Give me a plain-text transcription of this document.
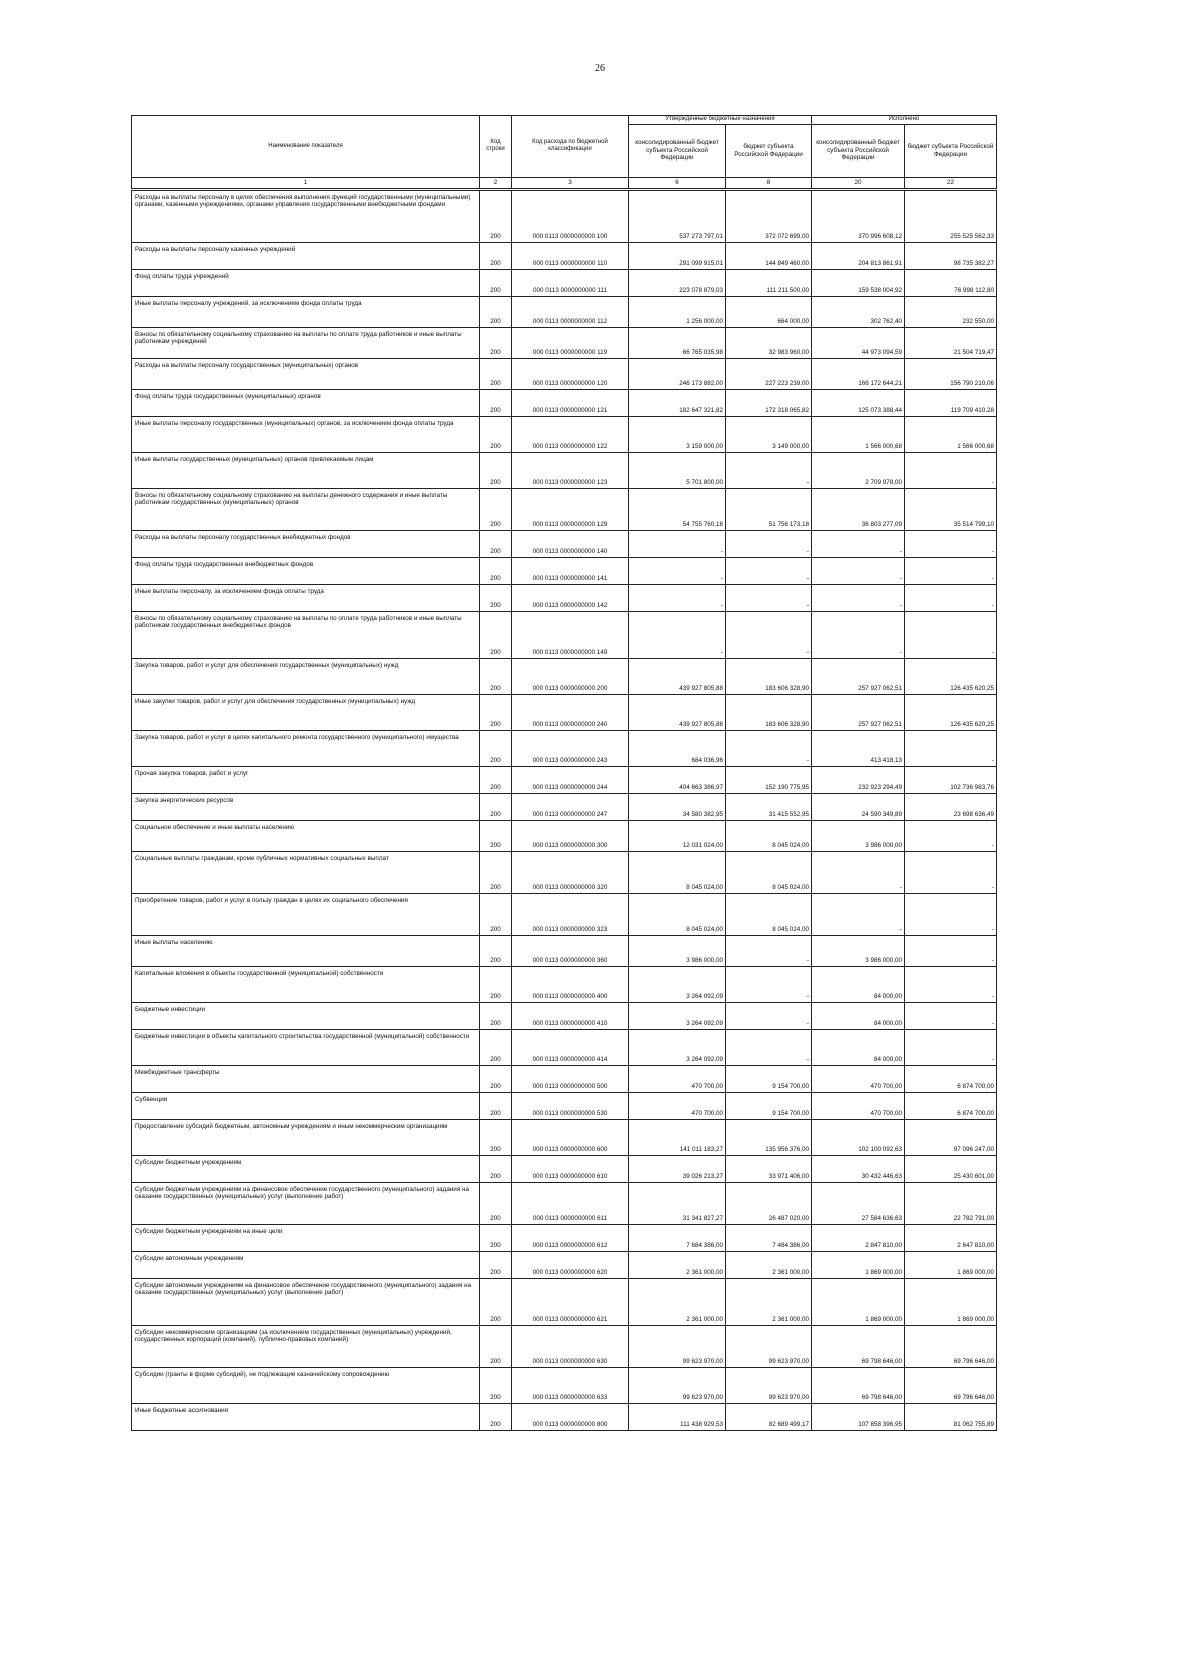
26
Наименование показателя	Код строки	Код расхода по бюджетной классификации	Утвержденные бюджетные назначения		Исполнено	
			консолидированный бюджет субъекта Российской Федерации	бюджет субъекта Российской Федерации	консолидированный бюджет субъекта Российской Федерации	бюджет субъекта Российской Федерации
1	2	3	6	8	20	22
Расходы на выплаты персоналу в целях обеспечения выполнения функций государственными (муниципальными) органами, казенными учреждениями, органами управления государственными внебюджетными фондами	200	000 0113 0000000000 100	537 273 797,01	372 072 699,00	370 996 608,12	255 525 562,33
Расходы на выплаты персоналу казенных учреждений	200	000 0113 0000000000 110	291 099 915,01	144 849 460,00	204 813 861,91	98 735 382,27
Фонд оплаты труда учреждений	200	000 0113 0000000000 111	223 078 879,03	111 211 500,00	159 538 004,92	76 998 112,80
Иные выплаты персоналу учреждений, за исключением фонда оплаты труда	200	000 0113 0000000000 112	1 256 000,00	664 000,00	302 762,40	232 550,00
Взносы по обязательному социальному страхованию на выплаты по оплате труда работников и иные выплаты работникам учреждений	200	000 0113 0000000000 119	66 765 035,98	32 983 960,00	44 973 094,59	21 504 719,47
Расходы на выплаты персоналу государственных (муниципальных) органов	200	000 0113 0000000000 120	246 173 882,00	227 223 239,00	166 172 644,21	156 790 210,06
Фонд оплаты труда государственных (муниципальных) органов	200	000 0113 0000000000 121	182 647 321,82	172 318 065,82	125 073 388,44	119 709 410,28
Иные выплаты персоналу государственных (муниципальных) органов, за исключением фонда оплаты труда	200	000 0113 0000000000 122	3 159 000,00	3 149 000,00	1 566 000,68	1 566 000,68
Иные выплаты государственных (муниципальных) органов привлекаемым лицам	200	000 0113 0000000000 123	5 701 800,00	-	2 709 978,00	-
Взносы по обязательному социальному страхованию на выплаты денежного содержания и иные выплаты работникам государственных (муниципальных) органов	200	000 0113 0000000000 129	54 755 760,18	51 756 173,18	36 803 277,09	35 514 799,10
Расходы на выплаты персоналу государственных внебюджетных фондов	200	000 0113 0000000000 140	-	-	-	-
Фонд оплаты труда государственных внебюджетных фондов	200	000 0113 0000000000 141	-	-	-	-
Иные выплаты персоналу, за исключением фонда оплаты труда	200	000 0113 0000000000 142	-	-	-	-
Взносы по обязательному социальному страхованию на выплаты по оплате труда работников и иные выплаты работникам государственных внебюджетных фондов	200	000 0113 0000000000 149	-	-	-	-
Закупка товаров, работ и услуг для обеспечения государственных (муниципальных) нужд	200	000 0113 0000000000 200	439 927 805,88	183 606 328,90	257 927 062,51	126 435 620,25
Иные закупки товаров, работ и услуг для обеспечения государственных (муниципальных) нужд	200	000 0113 0000000000 240	439 927 805,88	183 606 328,90	257 927 062,51	126 435 620,25
Закупка товаров, работ и услуг в целях капитального ремонта государственного (муниципального) имущества	200	000 0113 0000000000 243	684 036,96	-	413 418,13	-
Прочая закупка товаров, работ и услуг	200	000 0113 0000000000 244	404 663 386,97	152 190 775,95	232 923 294,49	102 736 983,76
Закупка энергетических ресурсов	200	000 0113 0000000000 247	34 580 382,95	31 415 552,95	24 590 349,89	23 698 636,49
Социальное обеспечение и иные выплаты населению	200	000 0113 0000000000 300	12 031 024,00	8 045 024,00	3 986 000,00	-
Социальные выплаты гражданам, кроме публичных нормативных социальных выплат	200	000 0113 0000000000 320	8 045 024,00	8 045 024,00	-	-
Приобретение товаров, работ и услуг в пользу граждан в целях их социального обеспечения	200	000 0113 0000000000 323	8 045 024,00	8 045 024,00	-	-
Иные выплаты населению	200	000 0113 0000000000 360	3 986 000,00	-	3 986 000,00	-
Капитальные вложения в объекты государственной (муниципальной) собственности	200	000 0113 0000000000 400	3 264 092,09	-	84 000,00	-
Бюджетные инвестиции	200	000 0113 0000000000 410	3 264 092,09	-	84 000,00	-
Бюджетные инвестиции в объекты капитального строительства государственной (муниципальной) собственности	200	000 0113 0000000000 414	3 264 092,09	-	84 000,00	-
Межбюджетные трансферты	200	000 0113 0000000000 500	470 700,00	9 154 700,00	470 700,00	6 874 700,00
Субвенции	200	000 0113 0000000000 530	470 700,00	9 154 700,00	470 700,00	6 874 700,00
Предоставление субсидий бюджетным, автономным учреждениям и иным некоммерческим организациям	200	000 0113 0000000000 600	141 011 183,27	135 956 376,00	102 100 092,63	97 096 247,00
Субсидии бюджетным учреждениям	200	000 0113 0000000000 610	39 026 213,27	33 971 406,00	30 432 446,63	25 430 601,00
Субсидии бюджетным учреждениям на финансовое обеспечение государственного (муниципального) задания на оказание государственных (муниципальных) услуг (выполнение работ)	200	000 0113 0000000000 611	31 341 827,27	26 487 020,00	27 584 636,63	22 782 791,00
Субсидии бюджетным учреждениям на иные цели	200	000 0113 0000000000 612	7 684 386,00	7 484 386,00	2 847 810,00	2 647 810,00
Субсидии автономным учреждениям	200	000 0113 0000000000 620	2 361 000,00	2 361 000,00	1 869 000,00	1 869 000,00
Субсидии автономным учреждениям на финансовое обеспечение государственного (муниципального) задания на оказание государственных (муниципальных) услуг (выполнение работ)	200	000 0113 0000000000 621	2 361 000,00	2 361 000,00	1 869 000,00	1 869 000,00
Субсидии некоммерческим организациям (за исключением государственных (муниципальных) учреждений, государственных корпораций (компаний), публично-правовых компаний)	200	000 0113 0000000000 630	99 623 970,00	99 623 970,00	69 798 646,00	69 796 646,00
Субсидии (гранты в форме субсидий), не подлежащие казначейскому сопровождению	200	000 0113 0000000000 633	99 623 970,00	99 623 970,00	69 798 646,00	69 796 646,00
Иные бюджетные ассигнования	200	000 0113 0000000000 800	111 438 929,53	82 689 499,17	107 858 396,95	81 062 755,89
